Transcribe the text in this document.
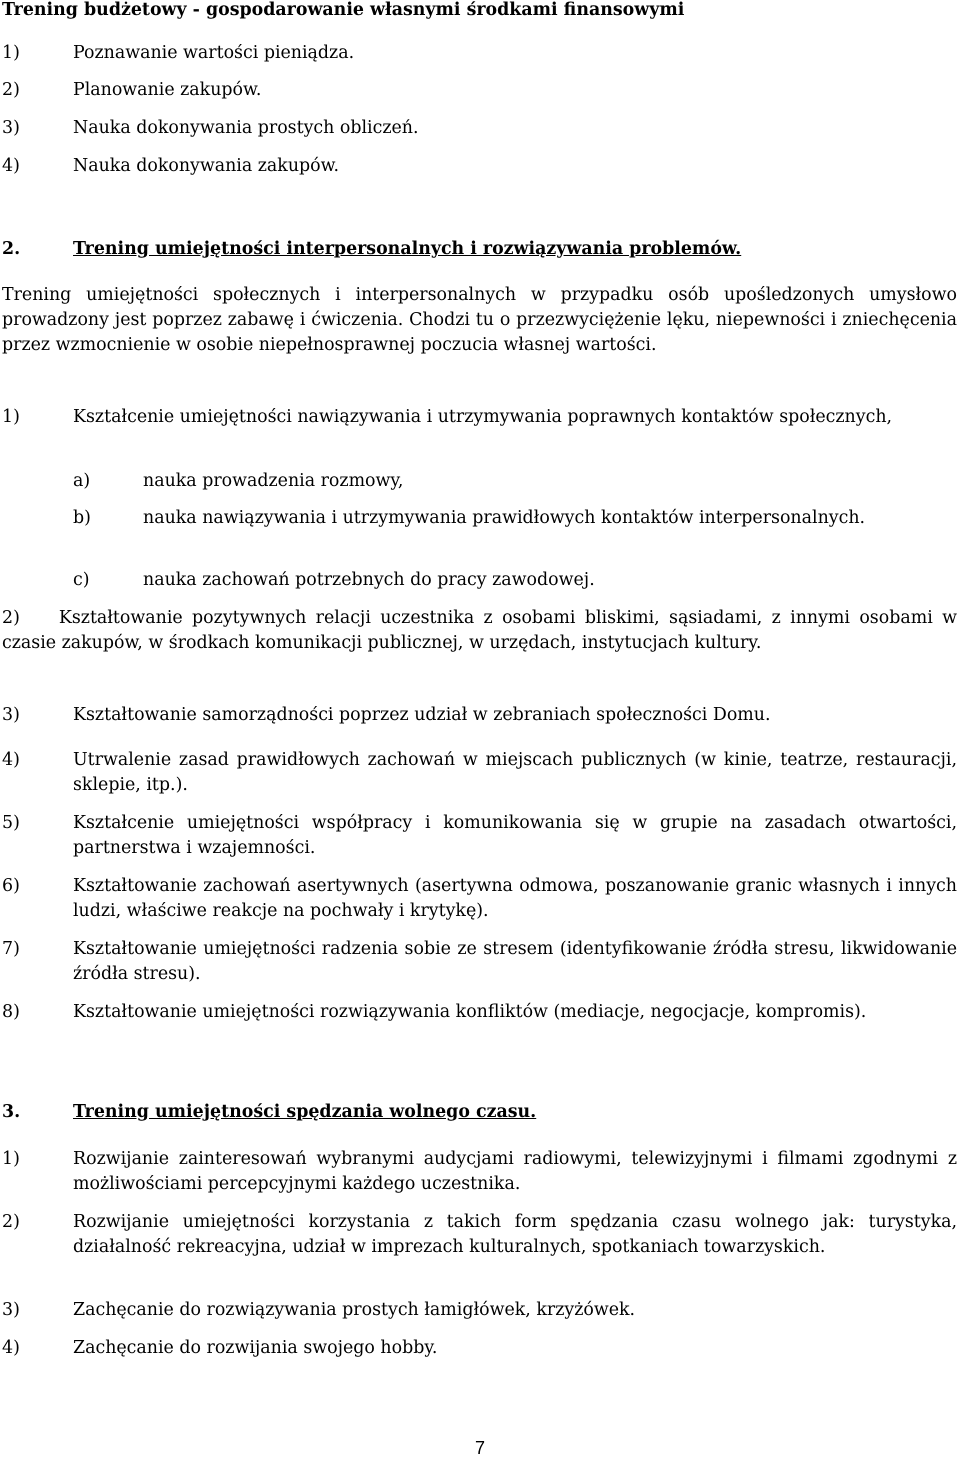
Trening budżetowy - gospodarowanie własnymi środkami finansowymi
1)	Poznawanie wartości pieniądza.
2)	Planowanie zakupów.
3)	Nauka dokonywania prostych obliczeń.
4)	Nauka dokonywania zakupów.
2.	Trening umiejętności interpersonalnych i rozwiązywania problemów.
Trening umiejętności społecznych i interpersonalnych w przypadku osób upośledzonych umysłowo prowadzony jest poprzez zabawę i ćwiczenia. Chodzi tu o przezwyciężenie lęku, niepewności i zniechęcenia przez wzmocnienie w osobie niepełnosprawnej poczucia własnej wartości.
1)	Kształcenie umiejętności nawiązywania i utrzymywania poprawnych kontaktów społecznych,
a)	nauka prowadzenia rozmowy,
b)	nauka nawiązywania i utrzymywania prawidłowych kontaktów interpersonalnych.
c)	nauka zachowań potrzebnych do pracy zawodowej.
2) Kształtowanie pozytywnych relacji uczestnika z osobami bliskimi, sąsiadami, z innymi osobami w czasie zakupów, w środkach komunikacji publicznej, w urzędach, instytucjach kultury.
3)	Kształtowanie samorządności poprzez udział w zebraniach społeczności Domu.
4)	Utrwalenie zasad prawidłowych zachowań w miejscach publicznych (w kinie, teatrze, restauracji, sklepie, itp.).
5)	Kształcenie umiejętności współpracy i komunikowania się w grupie na zasadach otwartości, partnerstwa i wzajemności.
6)	Kształtowanie zachowań asertywnych (asertywna odmowa, poszanowanie granic własnych i innych ludzi, właściwe reakcje na pochwały i krytykę).
7)	Kształtowanie umiejętności radzenia sobie ze stresem (identyfikowanie źródła stresu, likwidowanie źródła stresu).
8)	Kształtowanie umiejętności rozwiązywania konfliktów (mediacje, negocjacje, kompromis).
3.	Trening umiejętności spędzania wolnego czasu.
1)	Rozwijanie zainteresowań wybranymi audycjami radiowymi, telewizyjnymi i filmami zgodnymi z możliwościami percepcyjnymi każdego uczestnika.
2)	Rozwijanie umiejętności korzystania z takich form spędzania czasu wolnego jak: turystyka, działalność rekreacyjna, udział w imprezach kulturalnych, spotkaniach towarzyskich.
3)	Zachęcanie do rozwiązywania prostych łamigłówek, krzyżówek.
4)	Zachęcanie do rozwijania swojego hobby.
7
